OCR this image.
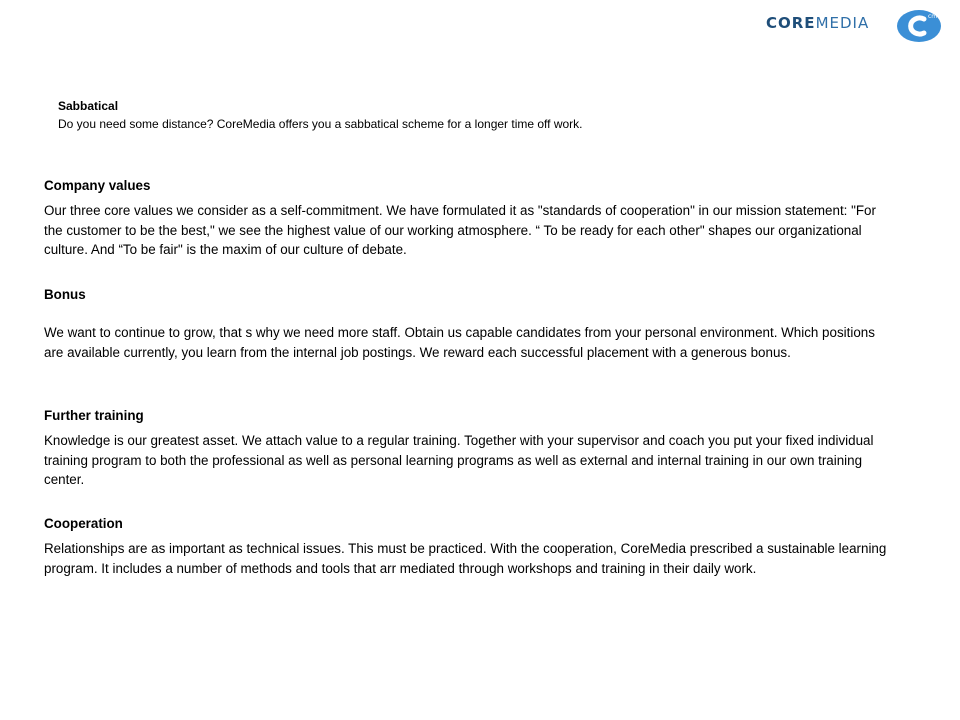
COREMEDIA	cm
Sabbatical
Do you need some distance? CoreMedia offers you a sabbatical scheme for a longer time off work.
Company values

Our three core values we consider as a self-commitment. We have formulated it as "standards of cooperation" in our mission statement: "For the customer to be the best," we see the highest value of our working atmosphere. “ To be ready for each other" shapes our organizational culture. And “To be fair" is the maxim of our culture of debate.

Bonus

We want to continue to grow, that s why we need more staff. Obtain us capable candidates from your personal environment. Which positions are available currently, you learn from the internal job postings. We reward each successful placement with a generous bonus.

Further training

Knowledge is our greatest asset. We attach value to a regular training. Together with your supervisor and coach you put your fixed individual training program to both the professional as well as personal learning programs as well as external and internal training in our own training center.

Cooperation

Relationships are as important as technical issues. This must be practiced. With the cooperation, CoreMedia prescribed a sustainable learning program. It includes a number of methods and tools that arr mediated through workshops and training in their daily work.
